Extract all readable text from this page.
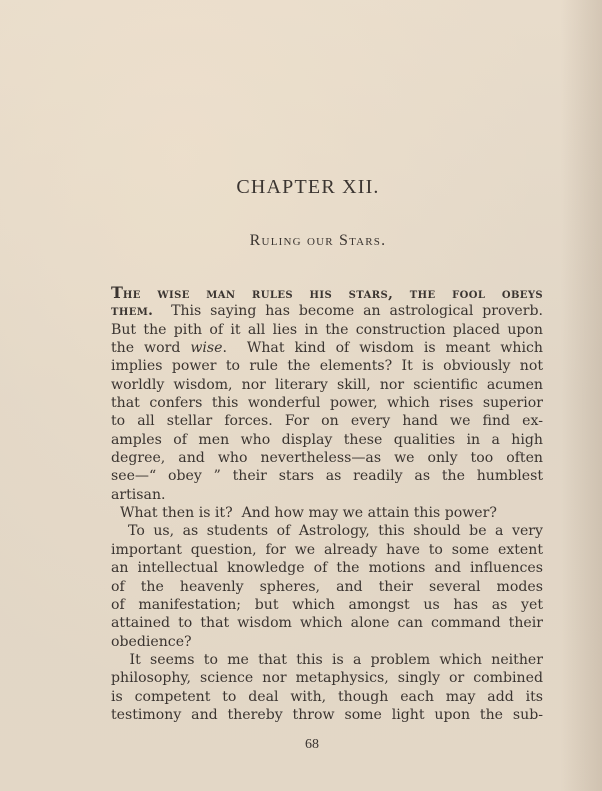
CHAPTER XII.
Ruling our Stars.
The wise man rules his stars, the fool obeys
them.  This saying has become an astrological proverb.
But the pith of it all lies in the construction placed upon
the word wise.  What kind of wisdom is meant which
implies power to rule the elements? It is obviously not
worldly wisdom, nor literary skill, nor scientific acumen
that confers this wonderful power, which rises superior
to all stellar forces. For on every hand we find ex-
amples of men who display these qualities in a high
degree, and who nevertheless—as we only too often
see—“ obey ” their stars as readily as the humblest
artisan.
What then is it?  And how may we attain this power?
To us, as students of Astrology, this should be a very
important question, for we already have to some extent
an intellectual knowledge of the motions and influences
of the heavenly spheres, and their several modes
of manifestation; but which amongst us has as yet
attained to that wisdom which alone can command their
obedience?
It seems to me that this is a problem which neither
philosophy, science nor metaphysics, singly or combined
is competent to deal with, though each may add its
testimony and thereby throw some light upon the sub-
68
